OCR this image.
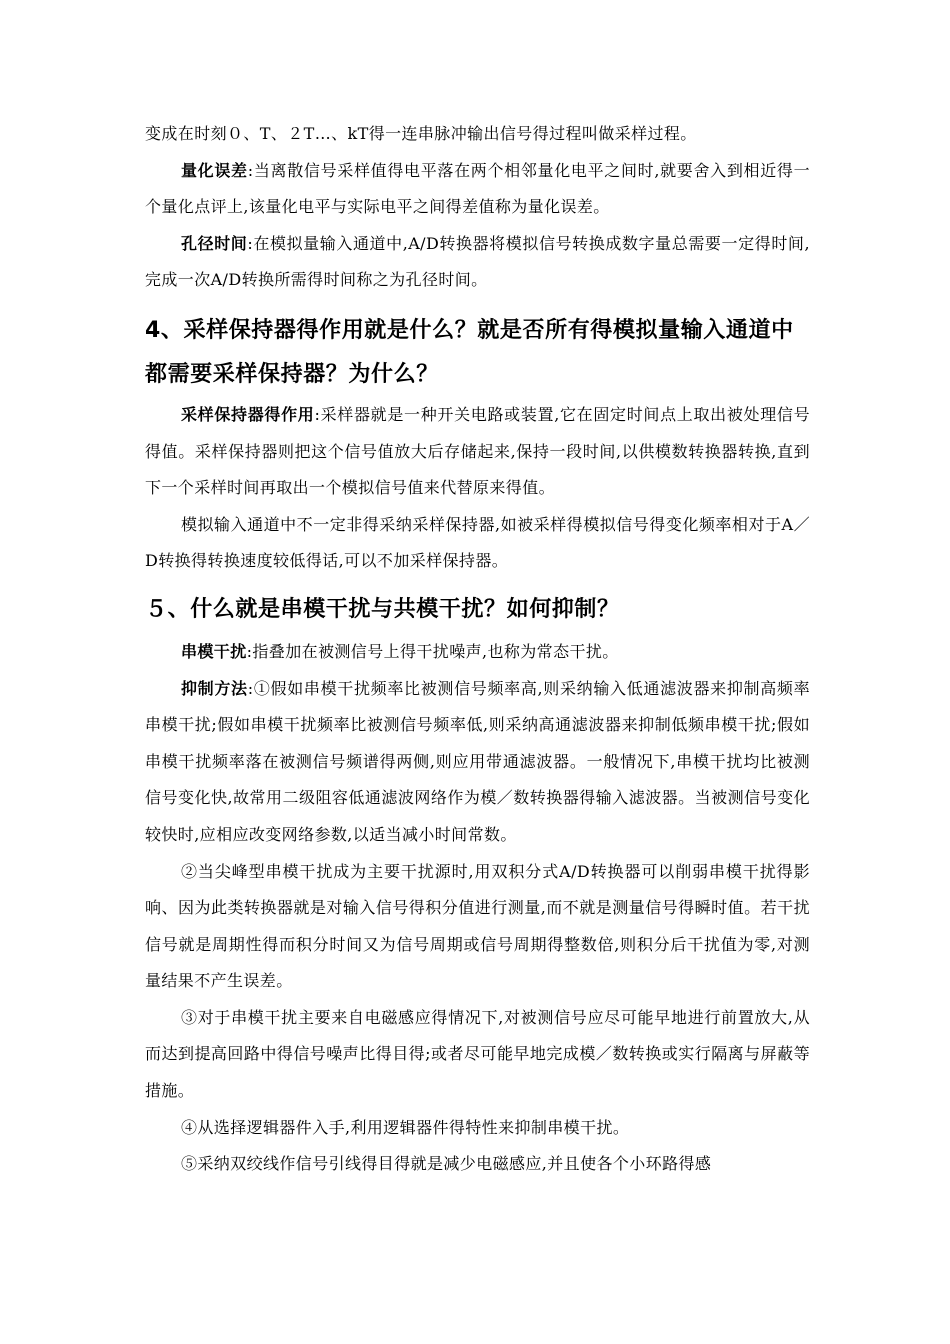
变成在时刻０、T、２T…、kT得一连串脉冲输出信号得过程叫做采样过程。

量化误差:当离散信号采样值得电平落在两个相邻量化电平之间时,就要舍入到相近得一个量化点评上,该量化电平与实际电平之间得差值称为量化误差。

孔径时间:在模拟量输入通道中,A/D转换器将模拟信号转换成数字量总需要一定得时间,完成一次A/D转换所需得时间称之为孔径时间。

4、采样保持器得作用就是什么？就是否所有得模拟量输入通道中都需要采样保持器？为什么？

采样保持器得作用:采样器就是一种开关电路或装置,它在固定时间点上取出被处理信号得值。采样保持器则把这个信号值放大后存储起来,保持一段时间,以供模数转换器转换,直到下一个采样时间再取出一个模拟信号值来代替原来得值。

模拟输入通道中不一定非得采纳采样保持器,如被采样得模拟信号得变化频率相对于A／D转换得转换速度较低得话,可以不加采样保持器。

５、什么就是串模干扰与共模干扰？如何抑制？

串模干扰:指叠加在被测信号上得干扰噪声,也称为常态干扰。

抑制方法:①假如串模干扰频率比被测信号频率高,则采纳输入低通滤波器来抑制高频率串模干扰;假如串模干扰频率比被测信号频率低,则采纳高通滤波器来抑制低频串模干扰;假如串模干扰频率落在被测信号频谱得两侧,则应用带通滤波器。一般情况下,串模干扰均比被测信号变化快,故常用二级阻容低通滤波网络作为模／数转换器得输入滤波器。当被测信号变化较快时,应相应改变网络参数,以适当减小时间常数。

②当尖峰型串模干扰成为主要干扰源时,用双积分式A/D转换器可以削弱串模干扰得影响、因为此类转换器就是对输入信号得积分值进行测量,而不就是测量信号得瞬时值。若干扰信号就是周期性得而积分时间又为信号周期或信号周期得整数倍,则积分后干扰值为零,对测量结果不产生误差。

③对于串模干扰主要来自电磁感应得情况下,对被测信号应尽可能早地进行前置放大,从而达到提高回路中得信号噪声比得目得;或者尽可能早地完成模／数转换或实行隔离与屏蔽等措施。

④从选择逻辑器件入手,利用逻辑器件得特性来抑制串模干扰。

⑤采纳双绞线作信号引线得目得就是减少电磁感应,并且使各个小环路得感
